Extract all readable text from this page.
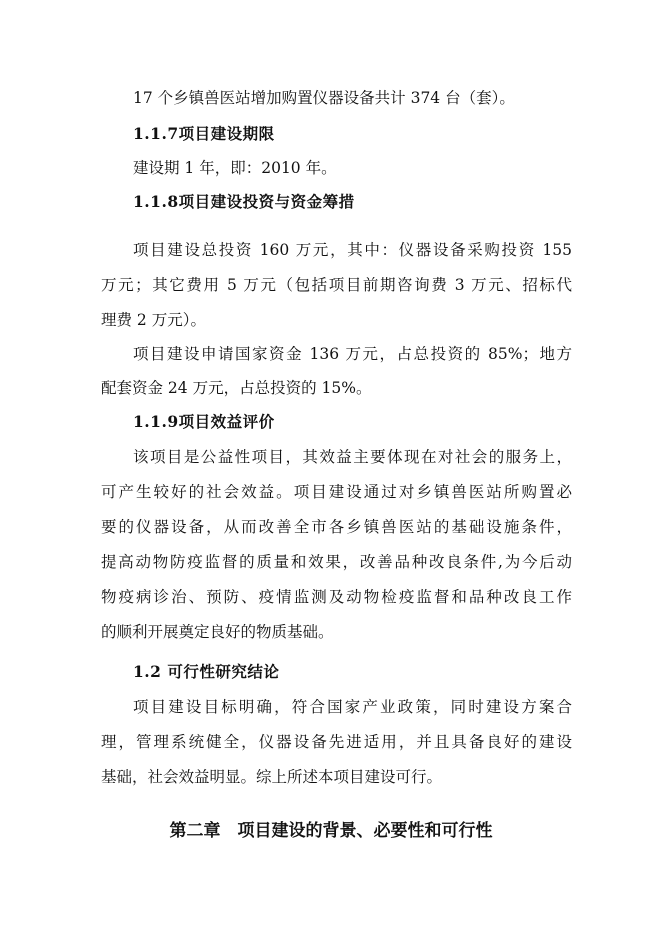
17 个乡镇兽医站增加购置仪器设备共计 374 台（套）。
1.1.7项目建设期限
建设期 1 年，即：2010 年。
1.1.8项目建设投资与资金筹措
项目建设总投资 160 万元，其中：仪器设备采购投资 155
万元；其它费用 5 万元（包括项目前期咨询费 3 万元、招标代
理费 2 万元）。
项目建设申请国家资金 136 万元，占总投资的 85%；地方
配套资金 24 万元，占总投资的 15%。
1.1.9项目效益评价
该项目是公益性项目，其效益主要体现在对社会的服务上，
可产生较好的社会效益。项目建设通过对乡镇兽医站所购置必
要的仪器设备，从而改善全市各乡镇兽医站的基础设施条件，
提高动物防疫监督的质量和效果，改善品种改良条件,为今后动
物疫病诊治、预防、疫情监测及动物检疫监督和品种改良工作
的顺利开展奠定良好的物质基础。
1.2 可行性研究结论
项目建设目标明确，符合国家产业政策，同时建设方案合
理，管理系统健全，仪器设备先进适用，并且具备良好的建设
基础，社会效益明显。综上所述本项目建设可行。
第二章　项目建设的背景、必要性和可行性
